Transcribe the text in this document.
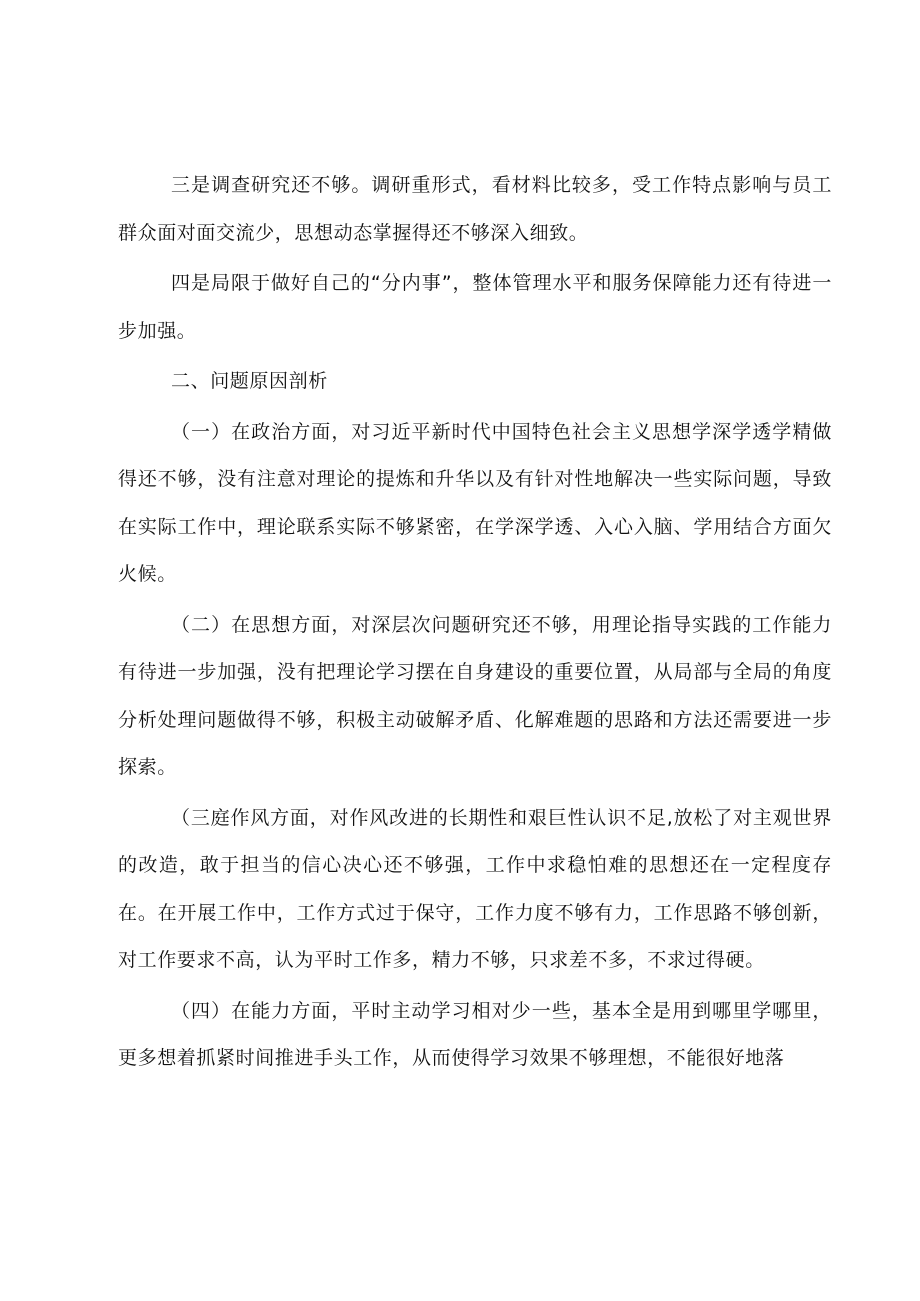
三是调查研究还不够。调研重形式，看材料比较多，受工作特点影响与员工群众面对面交流少，思想动态掌握得还不够深入细致。

四是局限于做好自己的“分内事”，整体管理水平和服务保障能力还有待进一步加强。

二、问题原因剖析

（一）在政治方面，对习近平新时代中国特色社会主义思想学深学透学精做得还不够，没有注意对理论的提炼和升华以及有针对性地解决一些实际问题，导致在实际工作中，理论联系实际不够紧密，在学深学透、入心入脑、学用结合方面欠火候。

（二）在思想方面，对深层次问题研究还不够，用理论指导实践的工作能力有待进一步加强，没有把理论学习摆在自身建设的重要位置，从局部与全局的角度分析处理问题做得不够，积极主动破解矛盾、化解难题的思路和方法还需要进一步探索。

（三庭作风方面，对作风改进的长期性和艰巨性认识不足,放松了对主观世界的改造，敢于担当的信心决心还不够强，工作中求稳怕难的思想还在一定程度存在。在开展工作中，工作方式过于保守，工作力度不够有力，工作思路不够创新，对工作要求不高，认为平时工作多，精力不够，只求差不多，不求过得硬。

（四）在能力方面，平时主动学习相对少一些，基本全是用到哪里学哪里，更多想着抓紧时间推进手头工作，从而使得学习效果不够理想，不能很好地落
